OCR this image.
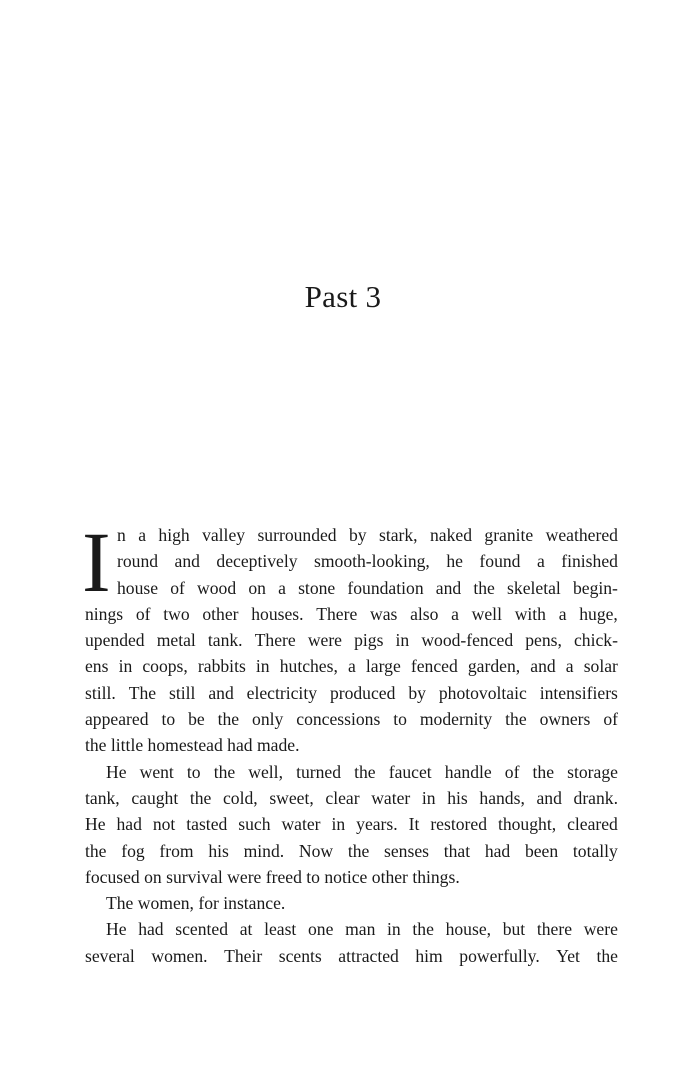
Past 3
I n a high valley surrounded by stark, naked granite weathered
round and deceptively smooth-looking, he found a finished
house of wood on a stone foundation and the skeletal begin-
nings of two other houses. There was also a well with a huge,
upended metal tank. There were pigs in wood-fenced pens, chick-
ens in coops, rabbits in hutches, a large fenced garden, and a solar
still. The still and electricity produced by photovoltaic intensifiers
appeared to be the only concessions to modernity the owners of
the little homestead had made.
He went to the well, turned the faucet handle of the storage
tank, caught the cold, sweet, clear water in his hands, and drank.
He had not tasted such water in years. It restored thought, cleared
the fog from his mind. Now the senses that had been totally
focused on survival were freed to notice other things.
The women, for instance.
He had scented at least one man in the house, but there were
several women. Their scents attracted him powerfully. Yet the
